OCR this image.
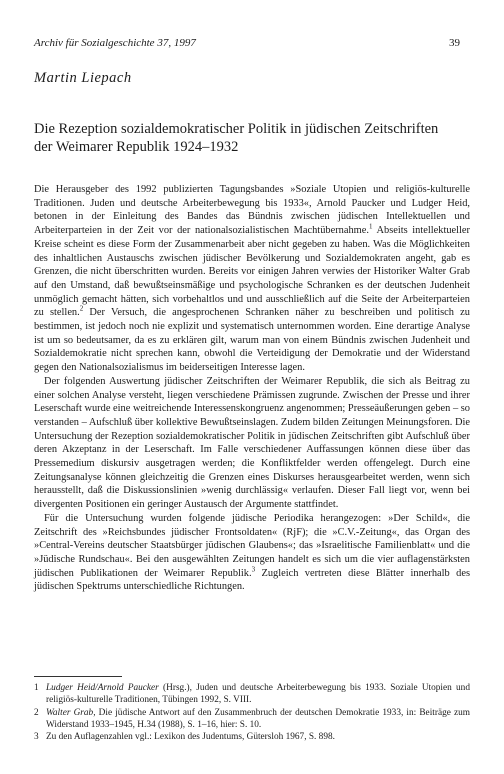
Archiv für Sozialgeschichte 37, 1997	39
Martin Liepach
Die Rezeption sozialdemokratischer Politik in jüdischen Zeitschriften
der Weimarer Republik 1924–1932

Die Herausgeber des 1992 publizierten Tagungsbandes »Soziale Utopien und religiös-kulturelle Traditionen. Juden und deutsche Arbeiterbewegung bis 1933«, Arnold Paucker und Ludger Heid, betonen in der Einleitung des Bandes das Bündnis zwischen jüdischen Intellektuellen und Arbeiterparteien in der Zeit vor der nationalsozialistischen Machtübernahme.$^1$ Abseits intellektueller Kreise scheint es diese Form der Zusammenarbeit aber nicht gegeben zu haben. Was die Möglichkeiten des inhaltlichen Austauschs zwischen jüdischer Bevölkerung und Sozialdemokraten angeht, gab es Grenzen, die nicht überschritten wurden. Bereits vor einigen Jahren verwies der Historiker Walter Grab auf den Umstand, daß bewußtseinsmäßige und psychologische Schranken es der deutschen Judenheit unmöglich gemacht hätten, sich vorbehaltlos und und ausschließlich auf die Seite der Arbeiterparteien zu stellen.$^2$ Der Versuch, die angesprochenen Schranken näher zu beschreiben und politisch zu bestimmen, ist jedoch noch nie explizit und systematisch unternommen worden. Eine derartige Analyse ist um so bedeutsamer, da es zu erklären gilt, warum man von einem Bündnis zwischen Judenheit und Sozialdemokratie nicht sprechen kann, obwohl die Verteidigung der Demokratie und der Widerstand gegen den Nationalsozialismus im beiderseitigen Interesse lagen.

Der folgenden Auswertung jüdischer Zeitschriften der Weimarer Republik, die sich als Beitrag zu einer solchen Analyse versteht, liegen verschiedene Prämissen zugrunde. Zwischen der Presse und ihrer Leserschaft wurde eine weitreichende Interessenskongruenz angenommen; Presseäußerungen geben – so verstanden – Aufschluß über kollektive Bewußtseinslagen. Zudem bilden Zeitungen Meinungsforen. Die Untersuchung der Rezeption sozialdemokratischer Politik in jüdischen Zeitschriften gibt Aufschluß über deren Akzeptanz in der Leserschaft. Im Falle verschiedener Auffassungen können diese über das Pressemedium diskursiv ausgetragen werden; die Konfliktfelder werden offengelegt. Durch eine Zeitungsanalyse können gleichzeitig die Grenzen eines Diskurses herausgearbeitet werden, wenn sich herausstellt, daß die Diskussionslinien »wenig durchlässig« verlaufen. Dieser Fall liegt vor, wenn bei divergenten Positionen ein geringer Austausch der Argumente stattfindet.

Für die Untersuchung wurden folgende jüdische Periodika herangezogen: »Der Schild«, die Zeitschrift des »Reichsbundes jüdischer Frontsoldaten« (RjF); die »C.V.-Zeitung«, das Organ des »Central-Vereins deutscher Staatsbürger jüdischen Glaubens«; das »Israelitische Familienblatt« und die »Jüdische Rundschau«. Bei den ausgewählten Zeitungen handelt es sich um die vier auflagenstärksten jüdischen Publikationen der Weimarer Republik.$^3$ Zugleich vertreten diese Blätter innerhalb des jüdischen Spektrums unterschiedliche Richtungen.

1 Ludger Heid/Arnold Paucker (Hrsg.), Juden und deutsche Arbeiterbewegung bis 1933. Soziale Utopien und religiös-kulturelle Traditionen, Tübingen 1992, S. VIII.
2 Walter Grab, Die jüdische Antwort auf den Zusammenbruch der deutschen Demokratie 1933, in: Beiträge zum Widerstand 1933–1945, H.34 (1988), S. 1–16, hier: S. 10.
3 Zu den Auflagenzahlen vgl.: Lexikon des Judentums, Gütersloh 1967, S. 898.
